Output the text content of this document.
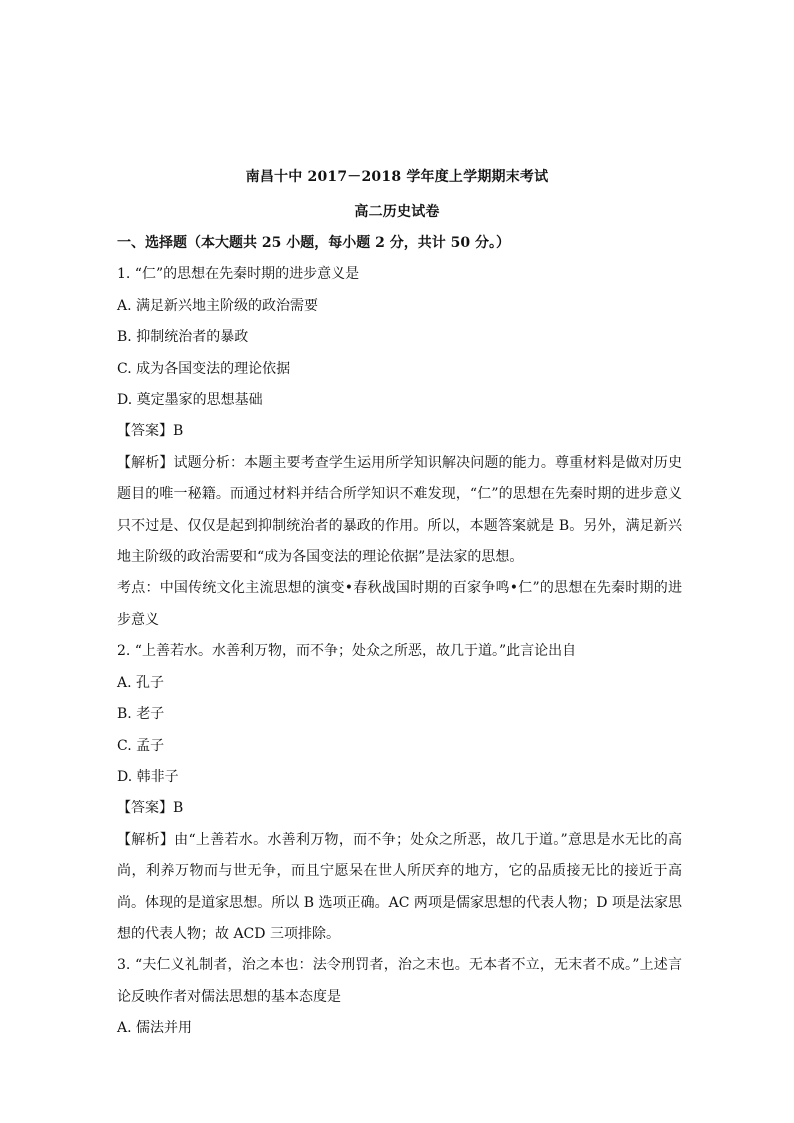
南昌十中 2017－2018 学年度上学期期末考试
高二历史试卷
一、选择题（本大题共 25 小题，每小题 2 分，共计 50 分。）
1. “仁”的思想在先秦时期的进步意义是
A. 满足新兴地主阶级的政治需要
B. 抑制统治者的暴政
C. 成为各国变法的理论依据
D. 奠定墨家的思想基础
【答案】B
【解析】试题分析：本题主要考查学生运用所学知识解决问题的能力。尊重材料是做对历史题目的唯一秘籍。而通过材料并结合所学知识不难发现，“仁”的思想在先秦时期的进步意义只不过是、仅仅是起到抑制统治者的暴政的作用。所以，本题答案就是 B。另外，满足新兴地主阶级的政治需要和“成为各国变法的理论依据”是法家的思想。
考点：中国传统文化主流思想的演变•春秋战国时期的百家争鸣•仁”的思想在先秦时期的进步意义
2. “上善若水。水善利万物，而不争；处众之所恶，故几于道。”此言论出自
A. 孔子
B. 老子
C. 孟子
D. 韩非子
【答案】B
【解析】由“上善若水。水善利万物，而不争；处众之所恶，故几于道。”意思是水无比的高尚，利养万物而与世无争，而且宁愿呆在世人所厌弃的地方，它的品质接无比的接近于高尚。体现的是道家思想。所以 B 选项正确。AC 两项是儒家思想的代表人物；D 项是法家思想的代表人物；故 ACD 三项排除。
3. “夫仁义礼制者，治之本也：法令刑罚者，治之末也。无本者不立，无末者不成。”上述言论反映作者对儒法思想的基本态度是
A. 儒法并用
